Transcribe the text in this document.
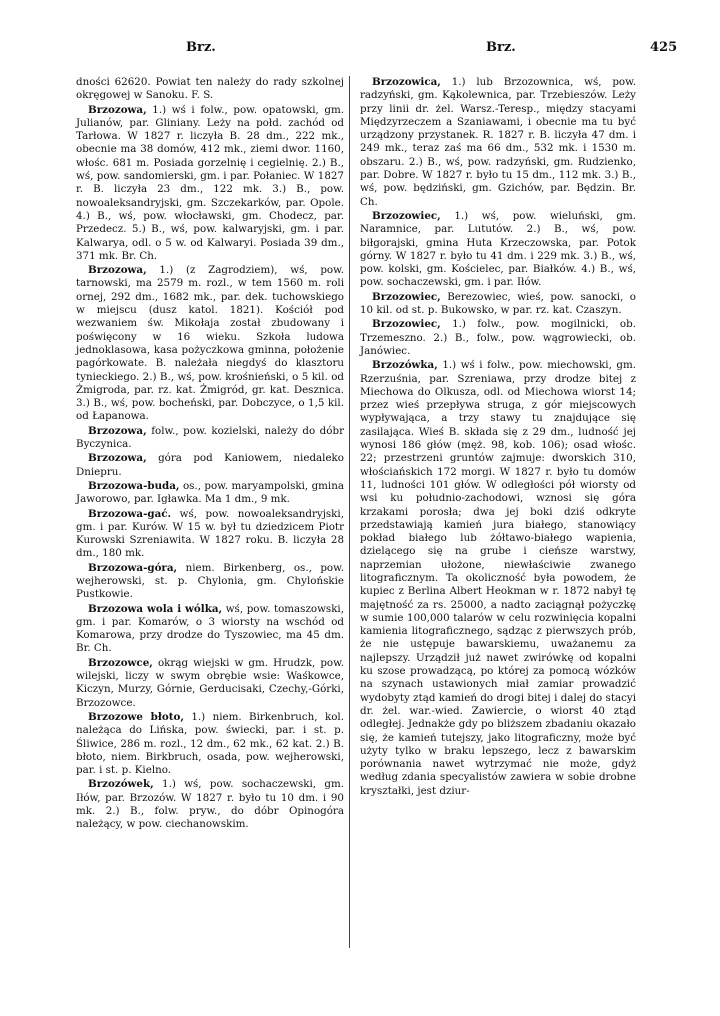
Brz.	Brz.	425

dności 62620. Powiat ten należy do rady szkolnej okręgowej w Sanoku. F. S.

Brzozowa, 1.) wś i folw., pow. opatowski, gm. Julianów, par. Gliniany. Leży na połd. zachód od Tarłowa. W 1827 r. liczyła B. 28 dm., 222 mk., obecnie ma 38 domów, 412 mk., ziemi dwor. 1160, włośc. 681 m. Posiada gorzelnię i cegielnię. 2.) B., wś, pow. sandomierski, gm. i par. Połaniec. W 1827 r. B. liczyła 23 dm., 122 mk. 3.) B., pow. nowoaleksandryjski, gm. Szczekarków, par. Opole. 4.) B., wś, pow. włocławski, gm. Chodecz, par. Przedecz. 5.) B., wś, pow. kalwaryjski, gm. i par. Kalwarya, odl. o 5 w. od Kalwaryi. Posiada 39 dm., 371 mk. Br. Ch.

Brzozowa, 1.) (z Zagrodziem), wś, pow. tarnowski, ma 2579 m. rozl., w tem 1560 m. roli ornej, 292 dm., 1682 mk., par. dek. tuchowskiego w miejscu (dusz katol. 1821). Kościół pod wezwaniem św. Mikołaja został zbudowany i poświęcony w 16 wieku. Szkoła ludowa jednoklasowa, kasa pożyczkowa gminna, położenie pagórkowate. B. należała niegdyś do klasztoru tynieckiego. 2.) B., wś, pow. krośnieński, o 5 kil. od Żmigroda, par. rz. kat. Żmigród, gr. kat. Desznica. 3.) B., wś, pow. bocheński, par. Dobczyce, o 1,5 kil. od Łapanowa.

Brzozowa, folw., pow. kozielski, należy do dóbr Byczynica.

Brzozowa, góra pod Kaniowem, niedaleko Dniepru.

Brzozowa-buda, os., pow. maryampolski, gmina Jaworowo, par. Igławka. Ma 1 dm., 9 mk.

Brzozowa-gać. wś, pow. nowoaleksandryjski, gm. i par. Kurów. W 15 w. był tu dziedzicem Piotr Kurowski Szreniawita. W 1827 roku. B. liczyła 28 dm., 180 mk.

Brzozowa-góra, niem. Birkenberg, os., pow. wejherowski, st. p. Chylonia, gm. Chylońskie Pustkowie.

Brzozowa wola i wólka, wś, pow. tomaszowski, gm. i par. Komarów, o 3 wiorsty na wschód od Komarowa, przy drodze do Tyszowiec, ma 45 dm. Br. Ch.

Brzozowce, okrąg wiejski w gm. Hrudzk, pow. wilejski, liczy w swym obrębie wsie: Waśkowce, Kiczyn, Murzy, Górnie, Gerducisaki, Czechy,-Górki, Brzozowce.

Brzozowe błoto, 1.) niem. Birkenbruch, kol. należąca do Lińska, pow. świecki, par. i st. p. Śliwice, 286 m. rozl., 12 dm., 62 mk., 62 kat. 2.) B. błoto, niem. Birkbruch, osada, pow. wejherowski, par. i st. p. Kielno.

Brzozówek, 1.) wś, pow. sochaczewski, gm. Iłów, par. Brzozów. W 1827 r. było tu 10 dm. i 90 mk. 2.) B., folw. pryw., do dóbr Opinogóra należący, w pow. ciechanowskim.

Brzozowica, 1.) lub Brzozownica, wś, pow. radzyński, gm. Kąkolewnica, par. Trzebieszów. Leży przy linii dr. żel. Warsz.-Teresp., między stacyami Międzyrzeczem a Szaniawami, i obecnie ma tu być urządzony przystanek. R. 1827 r. B. liczyła 47 dm. i 249 mk., teraz zaś ma 66 dm., 532 mk. i 1530 m. obszaru. 2.) B., wś, pow. radzyński, gm. Rudzienko, par. Dobre. W 1827 r. było tu 15 dm., 112 mk. 3.) B., wś, pow. będziński, gm. Gzichów, par. Będzin. Br. Ch.

Brzozowiec, 1.) wś, pow. wieluński, gm. Naramnice, par. Lututów. 2.) B., wś, pow. biłgorajski, gmina Huta Krzeczowska, par. Potok górny. W 1827 r. było tu 41 dm. i 229 mk. 3.) B., wś, pow. kolski, gm. Kościelec, par. Białków. 4.) B., wś, pow. sochaczewski, gm. i par. Iłów.

Brzozowiec, Berezowiec, wieś, pow. sanocki, o 10 kil. od st. p. Bukowsko, w par. rz. kat. Czaszyn.

Brzozowiec, 1.) folw., pow. mogilnicki, ob. Trzemeszno. 2.) B., folw., pow. wągrowiecki, ob. Janówiec.

Brzozówka, 1.) wś i folw., pow. miechowski, gm. Rzerzuśnia, par. Szreniawa, przy drodze bitej z Miechowa do Olkusza, odl. od Miechowa wiorst 14; przez wieś przepływa struga, z gór miejscowych wypływająca, a trzy stawy tu znajdujące się zasilająca. Wieś B. składa się z 29 dm., ludność jej wynosi 186 głów (męż. 98, kob. 106); osad włośc. 22; przestrzeni gruntów zajmuje: dworskich 310, włościańskich 172 morgi. W 1827 r. było tu domów 11, ludności 101 głów. W odległości pół wiorsty od wsi ku południo-zachodowi, wznosi się góra krzakami porosła; dwa jej boki dziś odkryte przedstawiają kamień jura białego, stanowiący pokład białego lub żółtawo-białego wapienia, dzielącego się na grube i cieńsze warstwy, naprzemian ułożone, niewłaściwie zwanego litograficznym. Ta okoliczność była powodem, że kupiec z Berlina Albert Heokman w r. 1872 nabył tę majętność za rs. 25000, a nadto zaciągnął pożyczkę w sumie 100,000 talarów w celu rozwinięcia kopalni kamienia litograficznego, sądząc z pierwszych prób, że nie ustępuje bawarskiemu, uważanemu za najlepszy. Urządził już nawet zwirówkę od kopalni ku szose prowadzącą, po której za pomocą wózków na szynach ustawionych miał zamiar prowadzić wydobyty ztąd kamień do drogi bitej i dalej do stacyi dr. żel. war.-wied. Zawiercie, o wiorst 40 ztąd odległej. Jednakże gdy po bliższem zbadaniu okazało się, że kamień tutejszy, jako litograficzny, może być użyty tylko w braku lepszego, lecz z bawarskim porównania nawet wytrzymać nie może, gdyż według zdania specyalistów zawiera w sobie drobne kryształki, jest dziur-
